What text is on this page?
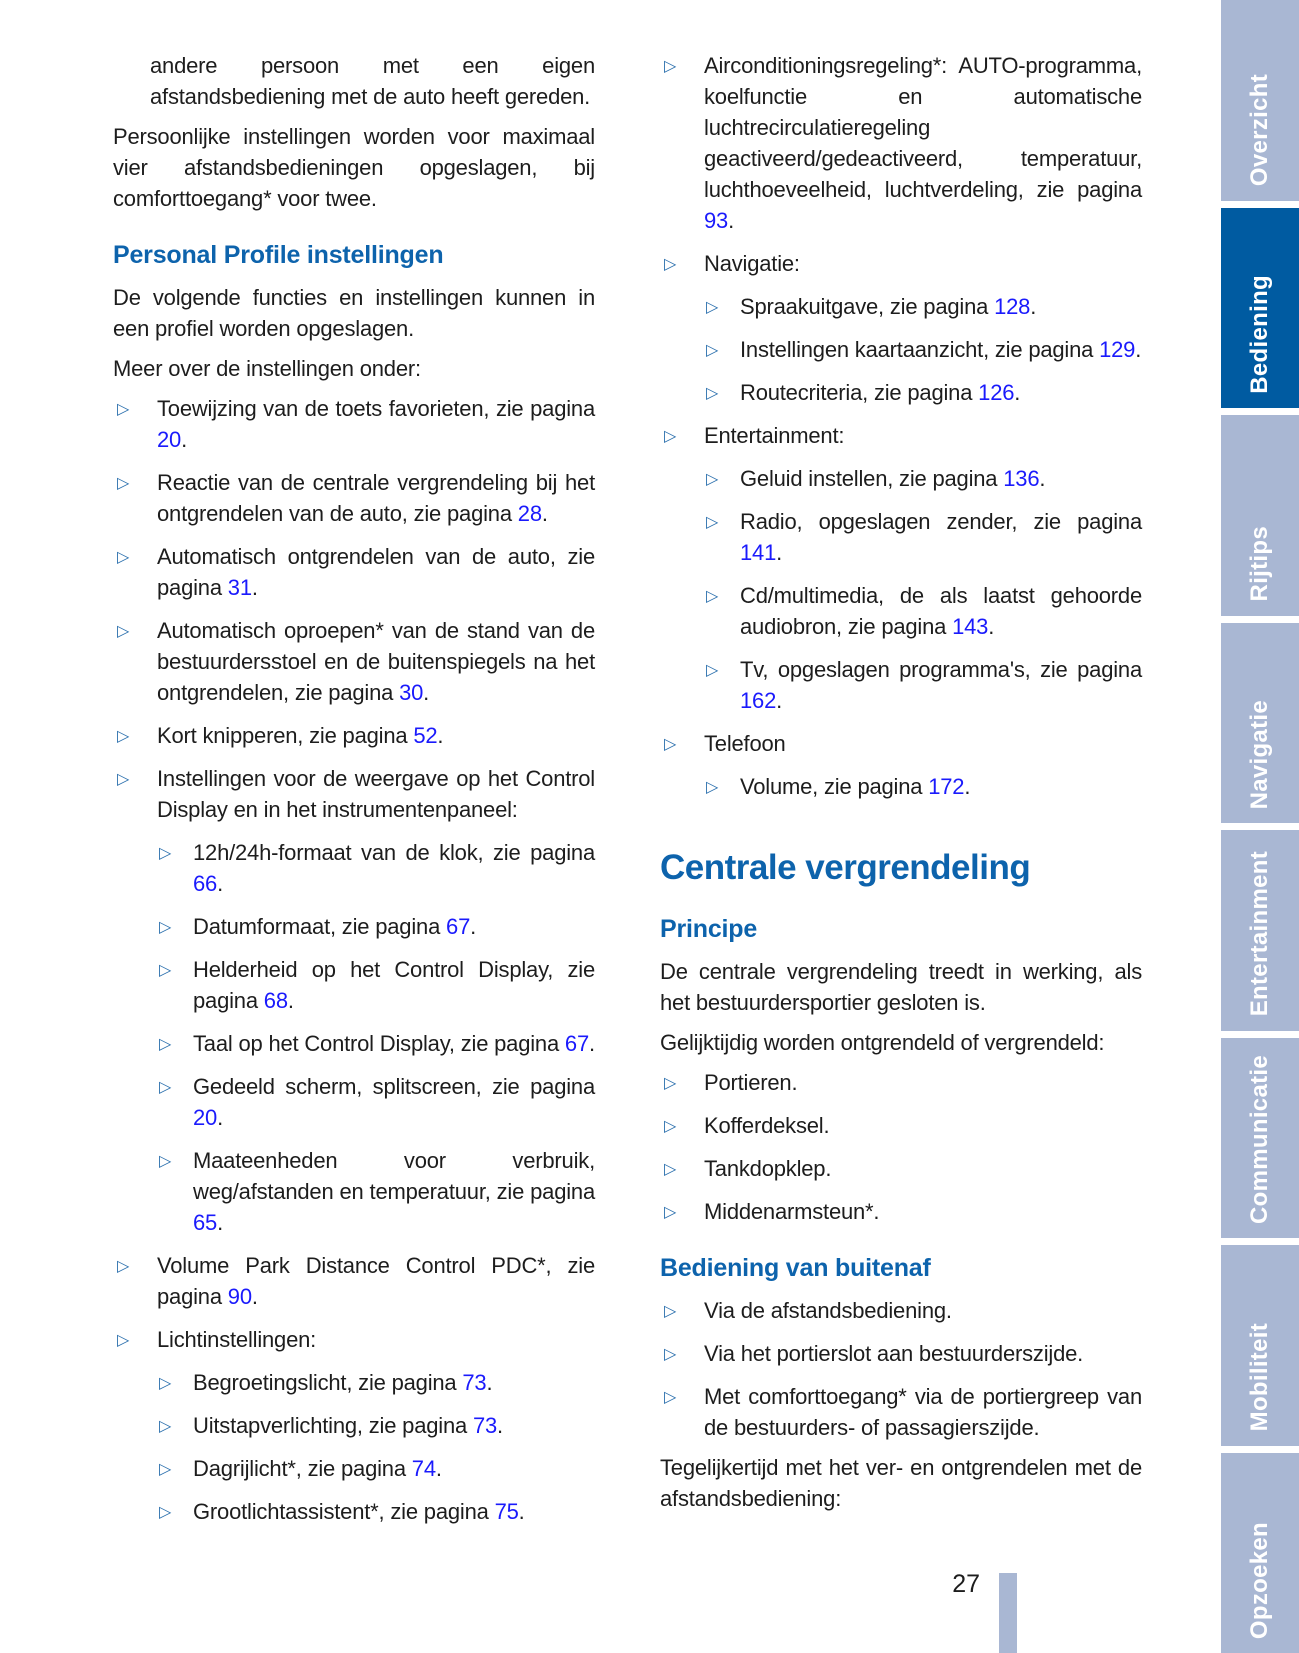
andere persoon met een eigen afstandsbediening met de auto heeft gereden.

Persoonlijke instellingen worden voor maximaal vier afstandsbedieningen opgeslagen, bij comforttoegang* voor twee.

Personal Profile instellingen

De volgende functies en instellingen kunnen in een profiel worden opgeslagen.

Meer over de instellingen onder:

▷	Toewijzing van de toets favorieten, zie pagina 20.
▷	Reactie van de centrale vergrendeling bij het ontgrendelen van de auto, zie pagina 28.
▷	Automatisch ontgrendelen van de auto, zie pagina 31.
▷	Automatisch oproepen* van de stand van de bestuurdersstoel en de buitenspiegels na het ontgrendelen, zie pagina 30.
▷	Kort knipperen, zie pagina 52.
▷	Instellingen voor de weergave op het Control Display en in het instrumentenpaneel:
▷ 12h/24h-formaat van de klok, zie pagina 66.
▷ Datumformaat, zie pagina 67.
▷ Helderheid op het Control Display, zie pagina 68.
▷ Taal op het Control Display, zie pagina 67.
▷ Gedeeld scherm, splitscreen, zie pagina 20.
▷ Maateenheden voor verbruik, weg/afstanden en temperatuur, zie pagina 65.
▷	Volume Park Distance Control PDC*, zie pagina 90.
▷	Lichtinstellingen:
▷ Begroetingslicht, zie pagina 73.
▷ Uitstapverlichting, zie pagina 73.
▷ Dagrijlicht*, zie pagina 74.
▷ Grootlichtassistent*, zie pagina 75.
▷	Airconditioningsregeling*: AUTO-programma, koelfunctie en automatische luchtrecirculatieregeling geactiveerd/gedeactiveerd, temperatuur, luchthoeveelheid, luchtverdeling, zie pagina 93.
▷	Navigatie:
▷ Spraakuitgave, zie pagina 128.
▷ Instellingen kaartaanzicht, zie pagina 129.
▷ Routecriteria, zie pagina 126.
▷	Entertainment:
▷ Geluid instellen, zie pagina 136.
▷ Radio, opgeslagen zender, zie pagina 141.
▷ Cd/multimedia, de als laatst gehoorde audiobron, zie pagina 143.
▷ Tv, opgeslagen programma's, zie pagina 162.
▷	Telefoon
▷ Volume, zie pagina 172.
Centrale vergrendeling
Principe

De centrale vergrendeling treedt in werking, als het bestuurdersportier gesloten is.

Gelijktijdig worden ontgrendeld of vergrendeld:

▷	Portieren.
▷	Kofferdeksel.
▷	Tankdopklep.
▷	Middenarmsteun*.
Bediening van buitenaf
▷	Via de afstandsbediening.
▷	Via het portierslot aan bestuurderszijde.
▷	Met comforttoegang* via de portiergreep van de bestuurders- of passagierszijde.

Tegelijkertijd met het ver- en ontgrendelen met de afstandsbediening:

Overzicht
Bediening
Rijtips
Navigatie
Entertainment
Communicatie
Mobiliteit
Opzoeken
27
